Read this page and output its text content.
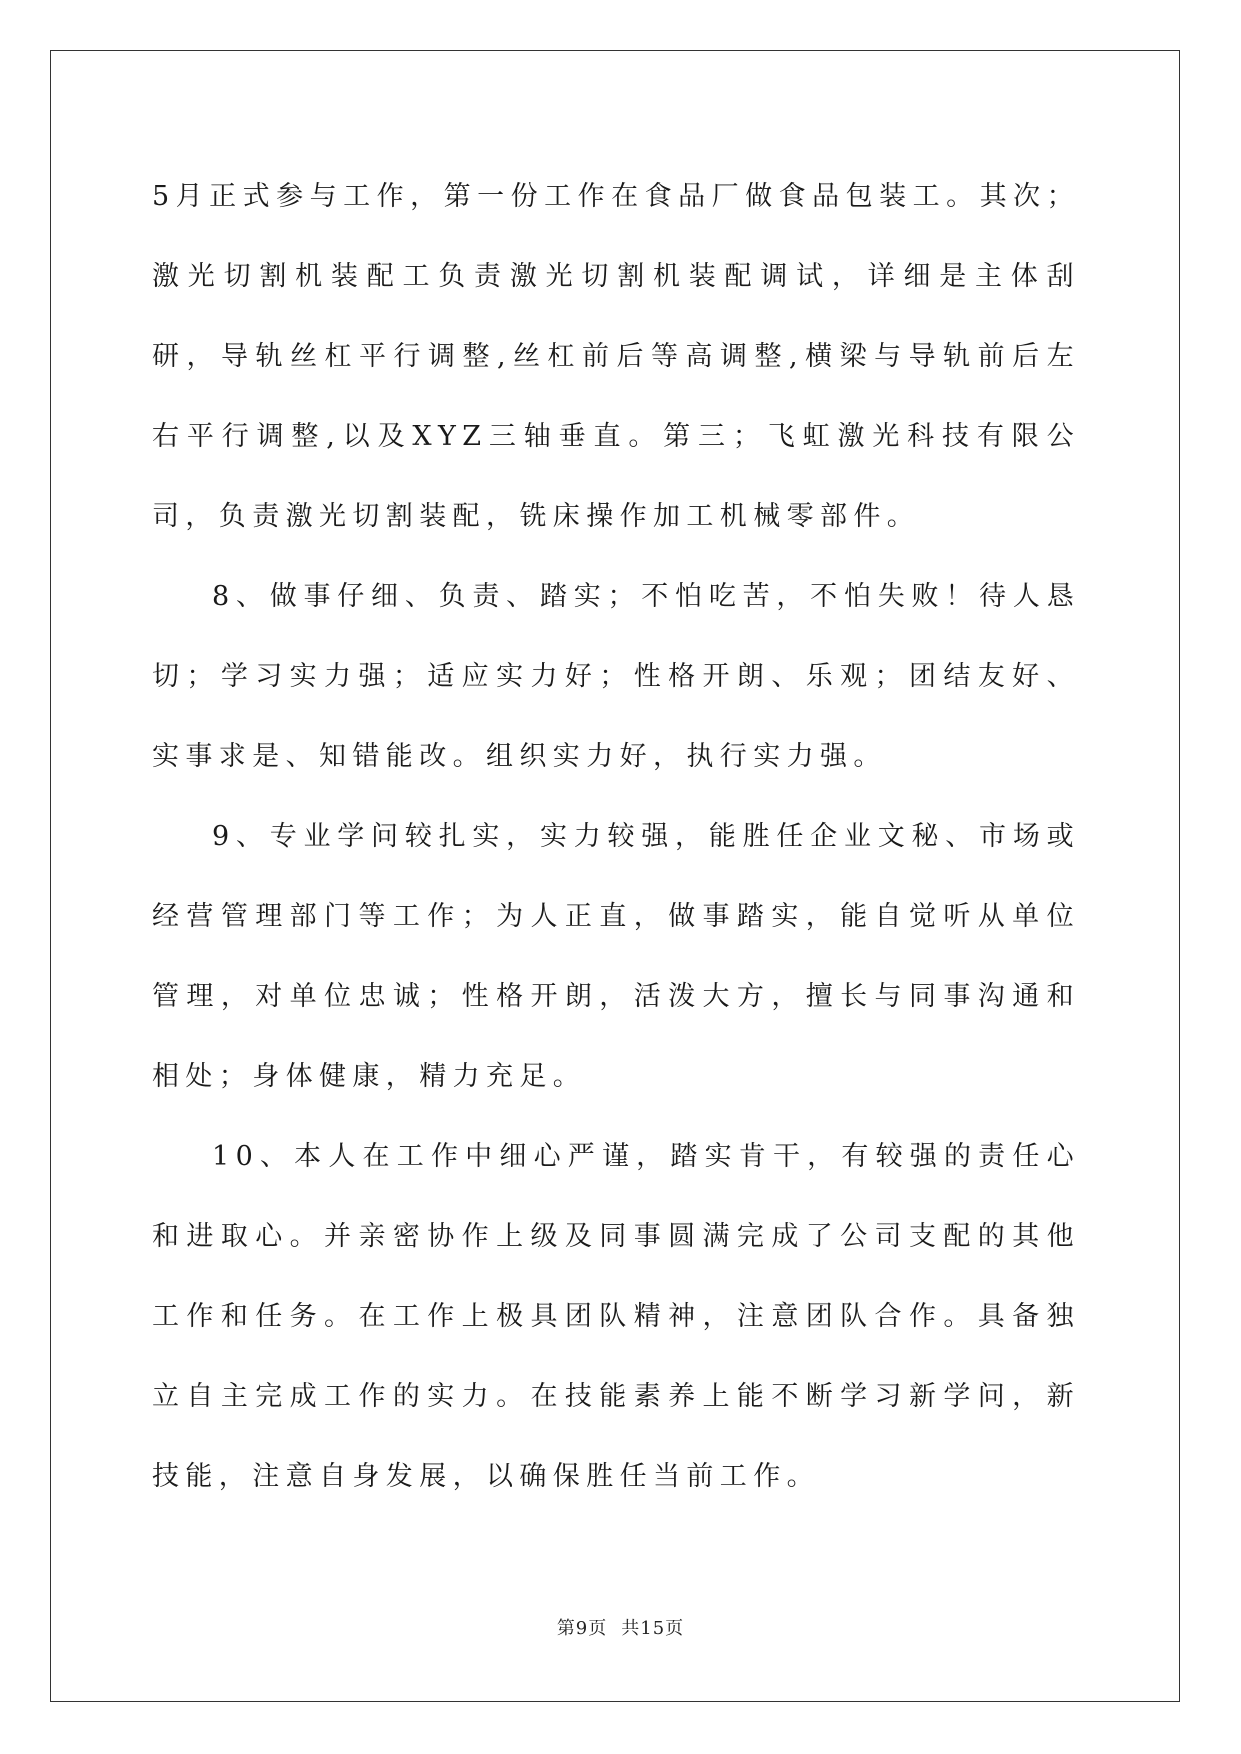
5月正式参与工作，第一份工作在食品厂做食品包装工。其次；激光切割机装配工负责激光切割机装配调试，详细是主体刮研，导轨丝杠平行调整,丝杠前后等高调整,横梁与导轨前后左右平行调整,以及XYZ三轴垂直。第三；飞虹激光科技有限公司，负责激光切割装配，铣床操作加工机械零部件。

8、做事仔细、负责、踏实；不怕吃苦，不怕失败！待人恳切；学习实力强；适应实力好；性格开朗、乐观；团结友好、实事求是、知错能改。组织实力好，执行实力强。

9、专业学问较扎实，实力较强，能胜任企业文秘、市场或经营管理部门等工作；为人正直，做事踏实，能自觉听从单位管理，对单位忠诚；性格开朗，活泼大方，擅长与同事沟通和相处；身体健康，精力充足。

10、本人在工作中细心严谨，踏实肯干，有较强的责任心和进取心。并亲密协作上级及同事圆满完成了公司支配的其他工作和任务。在工作上极具团队精神，注意团队合作。具备独立自主完成工作的实力。在技能素养上能不断学习新学问，新技能，注意自身发展，以确保胜任当前工作。

第9页 共15页
